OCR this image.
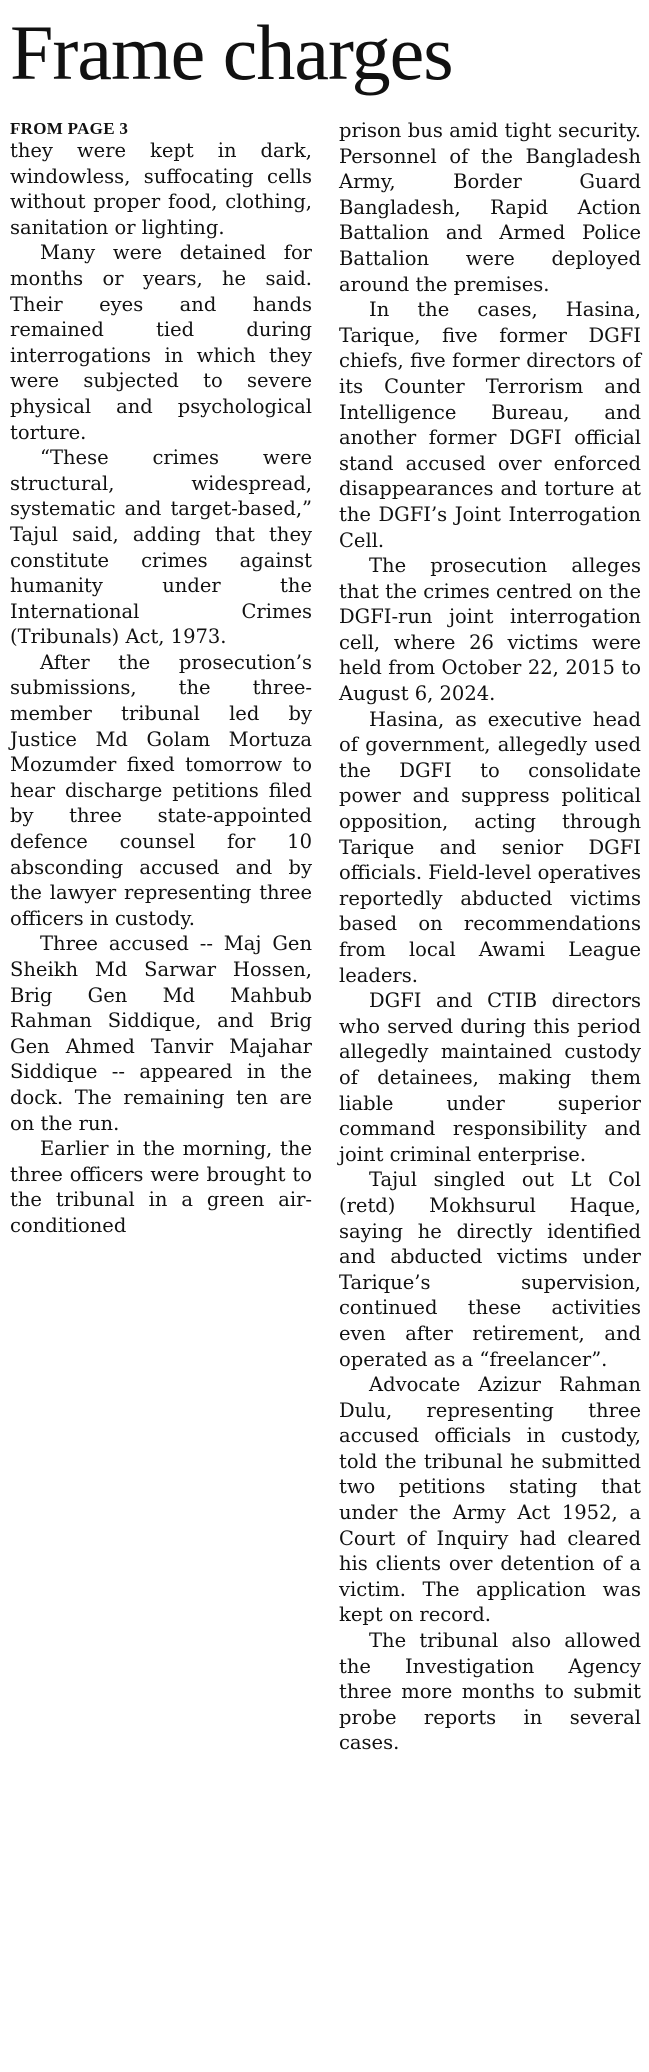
Frame charges
FROM PAGE 3

they were kept in dark, windowless, suffocating cells without proper food, clothing, sanitation or lighting.

Many were detained for months or years, he said. Their eyes and hands remained tied during interrogations in which they were subjected to severe physical and psychological torture.

“These crimes were structural, widespread, systematic and target-based,” Tajul said, adding that they constitute crimes against humanity under the International Crimes (Tribunals) Act, 1973.

After the prosecution’s submissions, the three-member tribunal led by Justice Md Golam Mortuza Mozumder fixed tomorrow to hear discharge petitions filed by three state-appointed defence counsel for 10 absconding accused and by the lawyer representing three officers in custody.

Three accused -- Maj Gen Sheikh Md Sarwar Hossen, Brig Gen Md Mahbub Rahman Siddique, and Brig Gen Ahmed Tanvir Majahar Siddique -- appeared in the dock. The remaining ten are on the run.

Earlier in the morning, the three officers were brought to the tribunal in a green air-conditioned

prison bus amid tight security. Personnel of the Bangladesh Army, Border Guard Bangladesh, Rapid Action Battalion and Armed Police Battalion were deployed around the premises.

In the cases, Hasina, Tarique, five former DGFI chiefs, five former directors of its Counter Terrorism and Intelligence Bureau, and another former DGFI official stand accused over enforced disappearances and torture at the DGFI’s Joint Interrogation Cell.

The prosecution alleges that the crimes centred on the DGFI-run joint interrogation cell, where 26 victims were held from October 22, 2015 to August 6, 2024.

Hasina, as executive head of government, allegedly used the DGFI to consolidate power and suppress political opposition, acting through Tarique and senior DGFI officials. Field-level operatives reportedly abducted victims based on recommendations from local Awami League leaders.

DGFI and CTIB directors who served during this period allegedly maintained custody of detainees, making them liable under superior command responsibility and joint criminal enterprise.

Tajul singled out Lt Col (retd) Mokhsurul Haque, saying he directly identified and abducted victims under Tarique’s supervision, continued these activities even after retirement, and operated as a “freelancer”.

Advocate Azizur Rahman Dulu, representing three accused officials in custody, told the tribunal he submitted two petitions stating that under the Army Act 1952, a Court of Inquiry had cleared his clients over detention of a victim. The application was kept on record.

The tribunal also allowed the Investigation Agency three more months to submit probe reports in several cases.
